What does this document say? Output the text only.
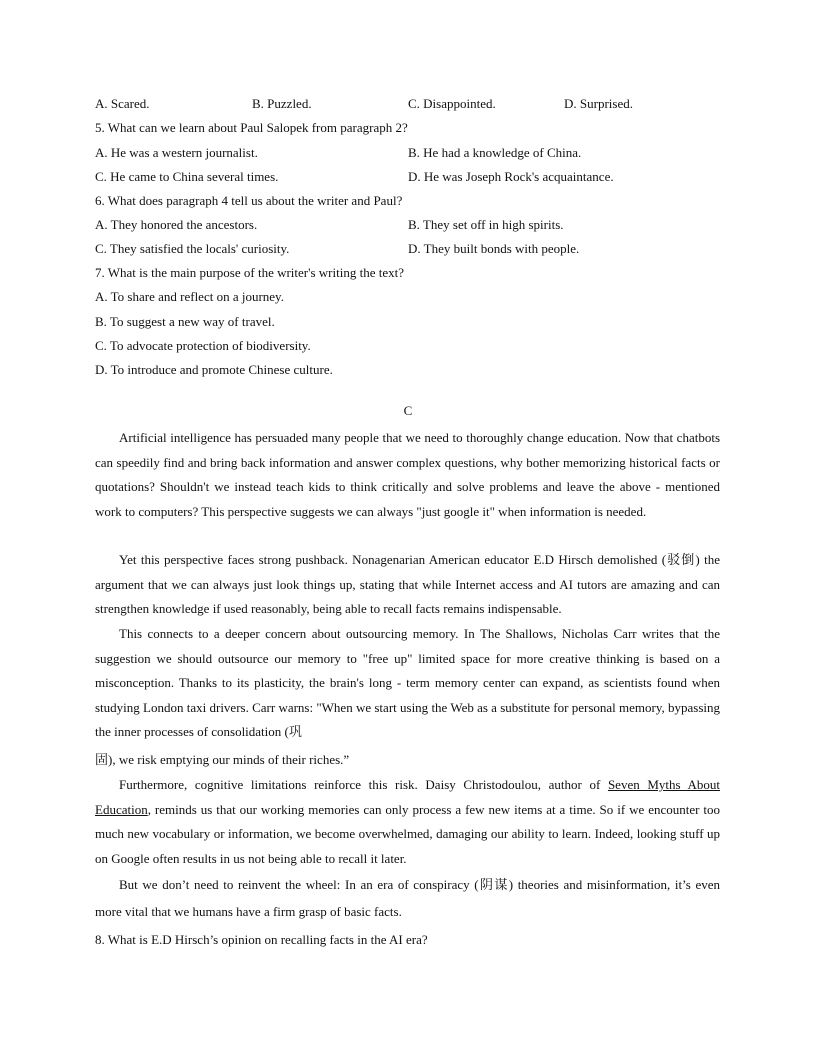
A. Scared.	B. Puzzled.	C. Disappointed.	D. Surprised.
5. What can we learn about Paul Salopek from paragraph 2?
A. He was a western journalist.	B. He had a knowledge of China.
C. He came to China several times.	D. He was Joseph Rock's acquaintance.
6. What does paragraph 4 tell us about the writer and Paul?
A. They honored the ancestors.	B. They set off in high spirits.
C. They satisfied the locals' curiosity.	D. They built bonds with people.
7. What is the main purpose of the writer's writing the text?
A. To share and reflect on a journey.
B. To suggest a new way of travel.
C. To advocate protection of biodiversity.
D. To introduce and promote Chinese culture.
C

Artificial intelligence has persuaded many people that we need to thoroughly change education. Now that chatbots can speedily find and bring back information and answer complex questions, why bother memorizing historical facts or quotations? Shouldn't we instead teach kids to think critically and solve problems and leave the above - mentioned work to computers? This perspective suggests we can always "just google it" when information is needed.

Yet this perspective faces strong pushback. Nonagenarian American educator E.D Hirsch demolished (驳倒) the argument that we can always just look things up, stating that while Internet access and AI tutors are amazing and can strengthen knowledge if used reasonably, being able to recall facts remains indispensable.

This connects to a deeper concern about outsourcing memory. In The Shallows, Nicholas Carr writes that the suggestion we should outsource our memory to "free up" limited space for more creative thinking is based on a misconception. Thanks to its plasticity, the brain's long - term memory center can expand, as scientists found when studying London taxi drivers. Carr warns: "When we start using the Web as a substitute for personal memory, bypassing the inner processes of consolidation (巩

固), we risk emptying our minds of their riches.”

Furthermore, cognitive limitations reinforce this risk. Daisy Christodoulou, author of Seven Myths About Education, reminds us that our working memories can only process a few new items at a time. So if we encounter too much new vocabulary or information, we become overwhelmed, damaging our ability to learn. Indeed, looking stuff up on Google often results in us not being able to recall it later.

But we don’t need to reinvent the wheel: In an era of conspiracy (阴谋) theories and misinformation, it’s even more vital that we humans have a firm grasp of basic facts.

8. What is E.D Hirsch’s opinion on recalling facts in the AI era?
